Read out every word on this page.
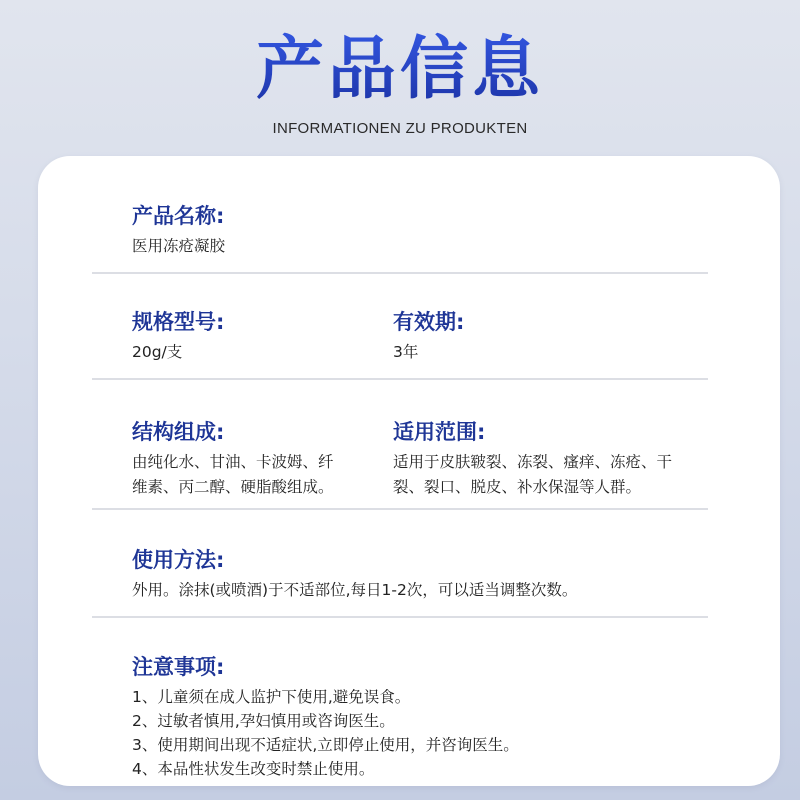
产品信息
INFORMATIONEN ZU PRODUKTEN
产品名称:
医用冻疮凝胶
规格型号:
20g/支
有效期:
3年
结构组成:
由纯化水、甘油、卡波姆、纤
维素、丙二醇、硬脂酸组成。
适用范围:
适用于皮肤皲裂、冻裂、瘙痒、冻疮、干
裂、裂口、脱皮、补水保湿等人群。
使用方法:
外用。涂抹(或喷酒)于不适部位,每日1-2次，可以适当调整次数。
注意事项:

1、儿童须在成人监护下使用,避免误食。

2、过敏者慎用,孕妇慎用或咨询医生。

3、使用期间出现不适症状,立即停止使用，并咨询医生。

4、本品性状发生改变时禁止使用。
